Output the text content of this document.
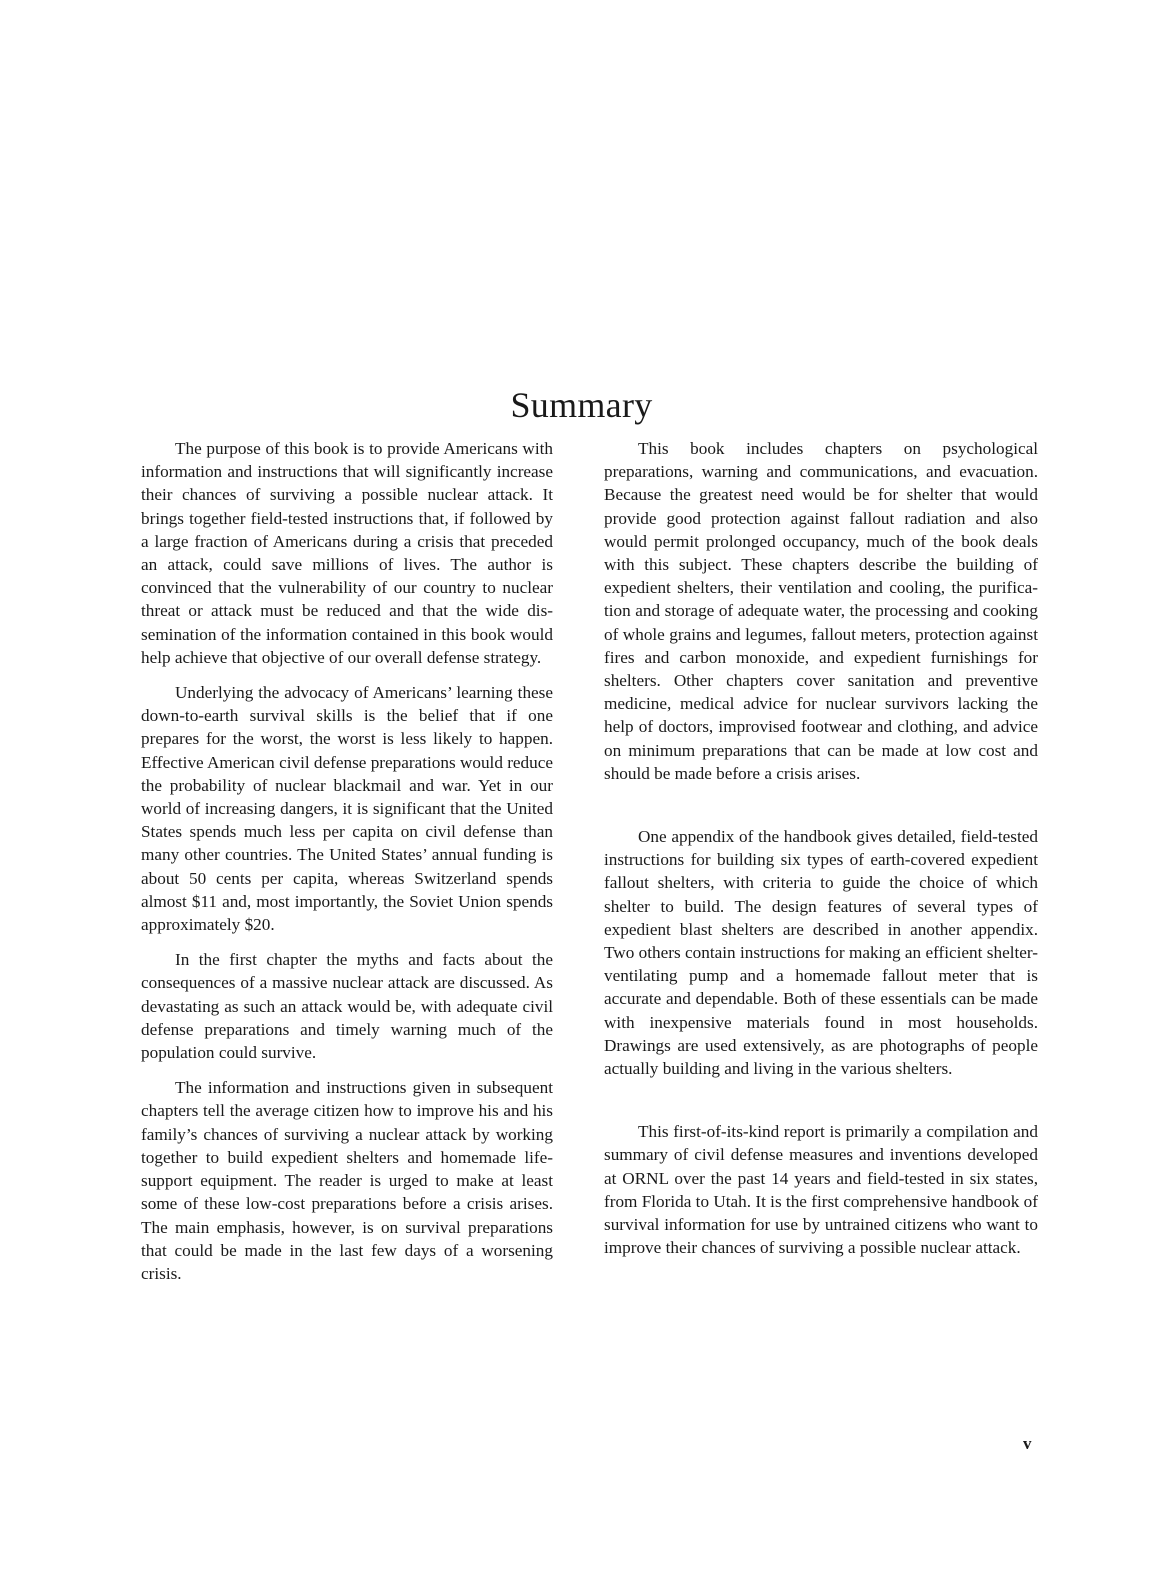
Summary

The purpose of this book is to provide Americans with information and instructions that will significantly increase their chances of surviving a possible nuclear attack. It brings together field-tested instructions that, if followed by a large fraction of Americans during a crisis that preceded an attack, could save millions of lives. The author is convinced that the vulnerability of our country to nuclear threat or attack must be reduced and that the wide dissemination of the information contained in this book would help achieve that objective of our overall defense strategy.

Underlying the advocacy of Americans’ learning these down-to-earth survival skills is the belief that if one prepares for the worst, the worst is less likely to happen. Effective American civil defense preparations would reduce the probability of nuclear blackmail and war. Yet in our world of increasing dangers, it is significant that the United States spends much less per capita on civil defense than many other countries. The United States’ annual funding is about 50 cents per capita, whereas Switzerland spends almost $11 and, most importantly, the Soviet Union spends approximately $20.

In the first chapter the myths and facts about the consequences of a massive nuclear attack are discussed. As devastating as such an attack would be, with adequate civil defense preparations and timely warning much of the population could survive.

The information and instructions given in subsequent chapters tell the average citizen how to improve his and his family’s chances of surviving a nuclear attack by working together to build expedient shelters and homemade life-support equipment. The reader is urged to make at least some of these low-cost preparations before a crisis arises. The main emphasis, however, is on survival preparations that could be made in the last few days of a worsening crisis.

This book includes chapters on psychological preparations, warning and communications, and evacuation. Because the greatest need would be for shelter that would provide good protection against fallout radiation and also would permit prolonged occupancy, much of the book deals with this subject. These chapters describe the building of expedient shelters, their ventilation and cooling, the purification and storage of adequate water, the processing and cooking of whole grains and legumes, fallout meters, protection against fires and carbon monoxide, and expedient furnishings for shelters. Other chapters cover sanitation and preventive medicine, medical advice for nuclear survivors lacking the help of doctors, improvised footwear and clothing, and advice on minimum preparations that can be made at low cost and should be made before a crisis arises.

One appendix of the handbook gives detailed, field-tested instructions for building six types of earth-covered expedient fallout shelters, with criteria to guide the choice of which shelter to build. The design features of several types of expedient blast shelters are described in another appendix. Two others contain instructions for making an efficient shelter-ventilating pump and a homemade fallout meter that is accurate and dependable. Both of these essentials can be made with inexpensive materials found in most households. Drawings are used extensively, as are photographs of people actually building and living in the various shelters.

This first-of-its-kind report is primarily a compilation and summary of civil defense measures and inventions developed at ORNL over the past 14 years and field-tested in six states, from Florida to Utah. It is the first comprehensive handbook of survival information for use by untrained citizens who want to improve their chances of surviving a possible nuclear attack.

v
